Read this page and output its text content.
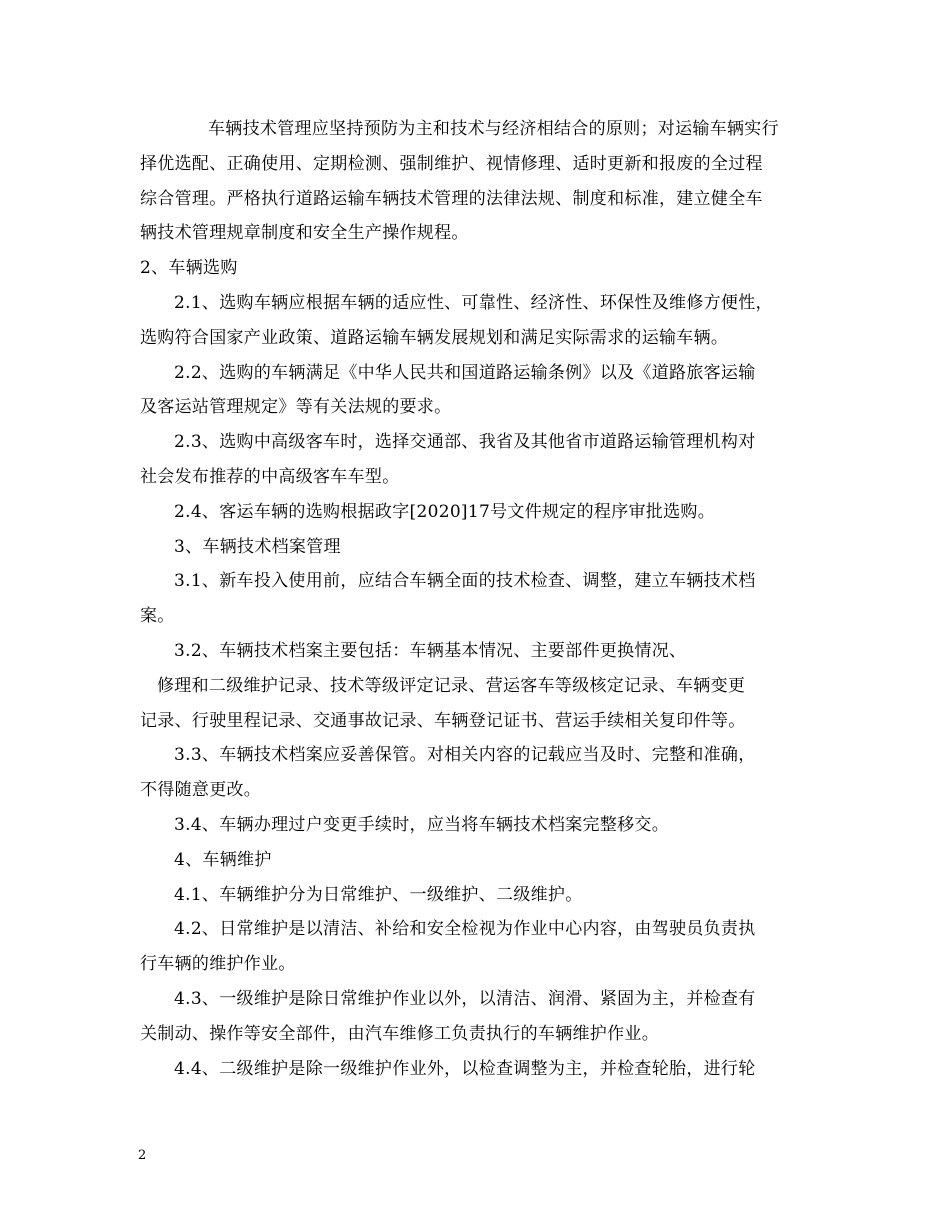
车辆技术管理应坚持预防为主和技术与经济相结合的原则；对运输车辆实行
择优选配、正确使用、定期检测、强制维护、视情修理、适时更新和报废的全过程
综合管理。严格执行道路运输车辆技术管理的法律法规、制度和标准，建立健全车
辆技术管理规章制度和安全生产操作规程。

2、车辆选购

2.1、选购车辆应根据车辆的适应性、可靠性、经济性、环保性及维修方便性，
选购符合国家产业政策、道路运输车辆发展规划和满足实际需求的运输车辆。

2.2、选购的车辆满足《中华人民共和国道路运输条例》以及《道路旅客运输
及客运站管理规定》等有关法规的要求。

2.3、选购中高级客车时，选择交通部、我省及其他省市道路运输管理机构对
社会发布推荐的中高级客车车型。

2.4、客运车辆的选购根据政字[2020]17号文件规定的程序审批选购。

3、车辆技术档案管理

3.1、新车投入使用前，应结合车辆全面的技术检查、调整，建立车辆技术档
案。

3.2、车辆技术档案主要包括：车辆基本情况、主要部件更换情况、

修理和二级维护记录、技术等级评定记录、营运客车等级核定记录、车辆变更
记录、行驶里程记录、交通事故记录、车辆登记证书、营运手续相关复印件等。

3.3、车辆技术档案应妥善保管。对相关内容的记载应当及时、完整和准确，
不得随意更改。

3.4、车辆办理过户变更手续时，应当将车辆技术档案完整移交。

4、车辆维护

4.1、车辆维护分为日常维护、一级维护、二级维护。

4.2、日常维护是以清洁、补给和安全检视为作业中心内容，由驾驶员负责执
行车辆的维护作业。

4.3、一级维护是除日常维护作业以外，以清洁、润滑、紧固为主，并检查有
关制动、操作等安全部件，由汽车维修工负责执行的车辆维护作业。

4.4、二级维护是除一级维护作业外，以检查调整为主，并检查轮胎，进行轮

2
